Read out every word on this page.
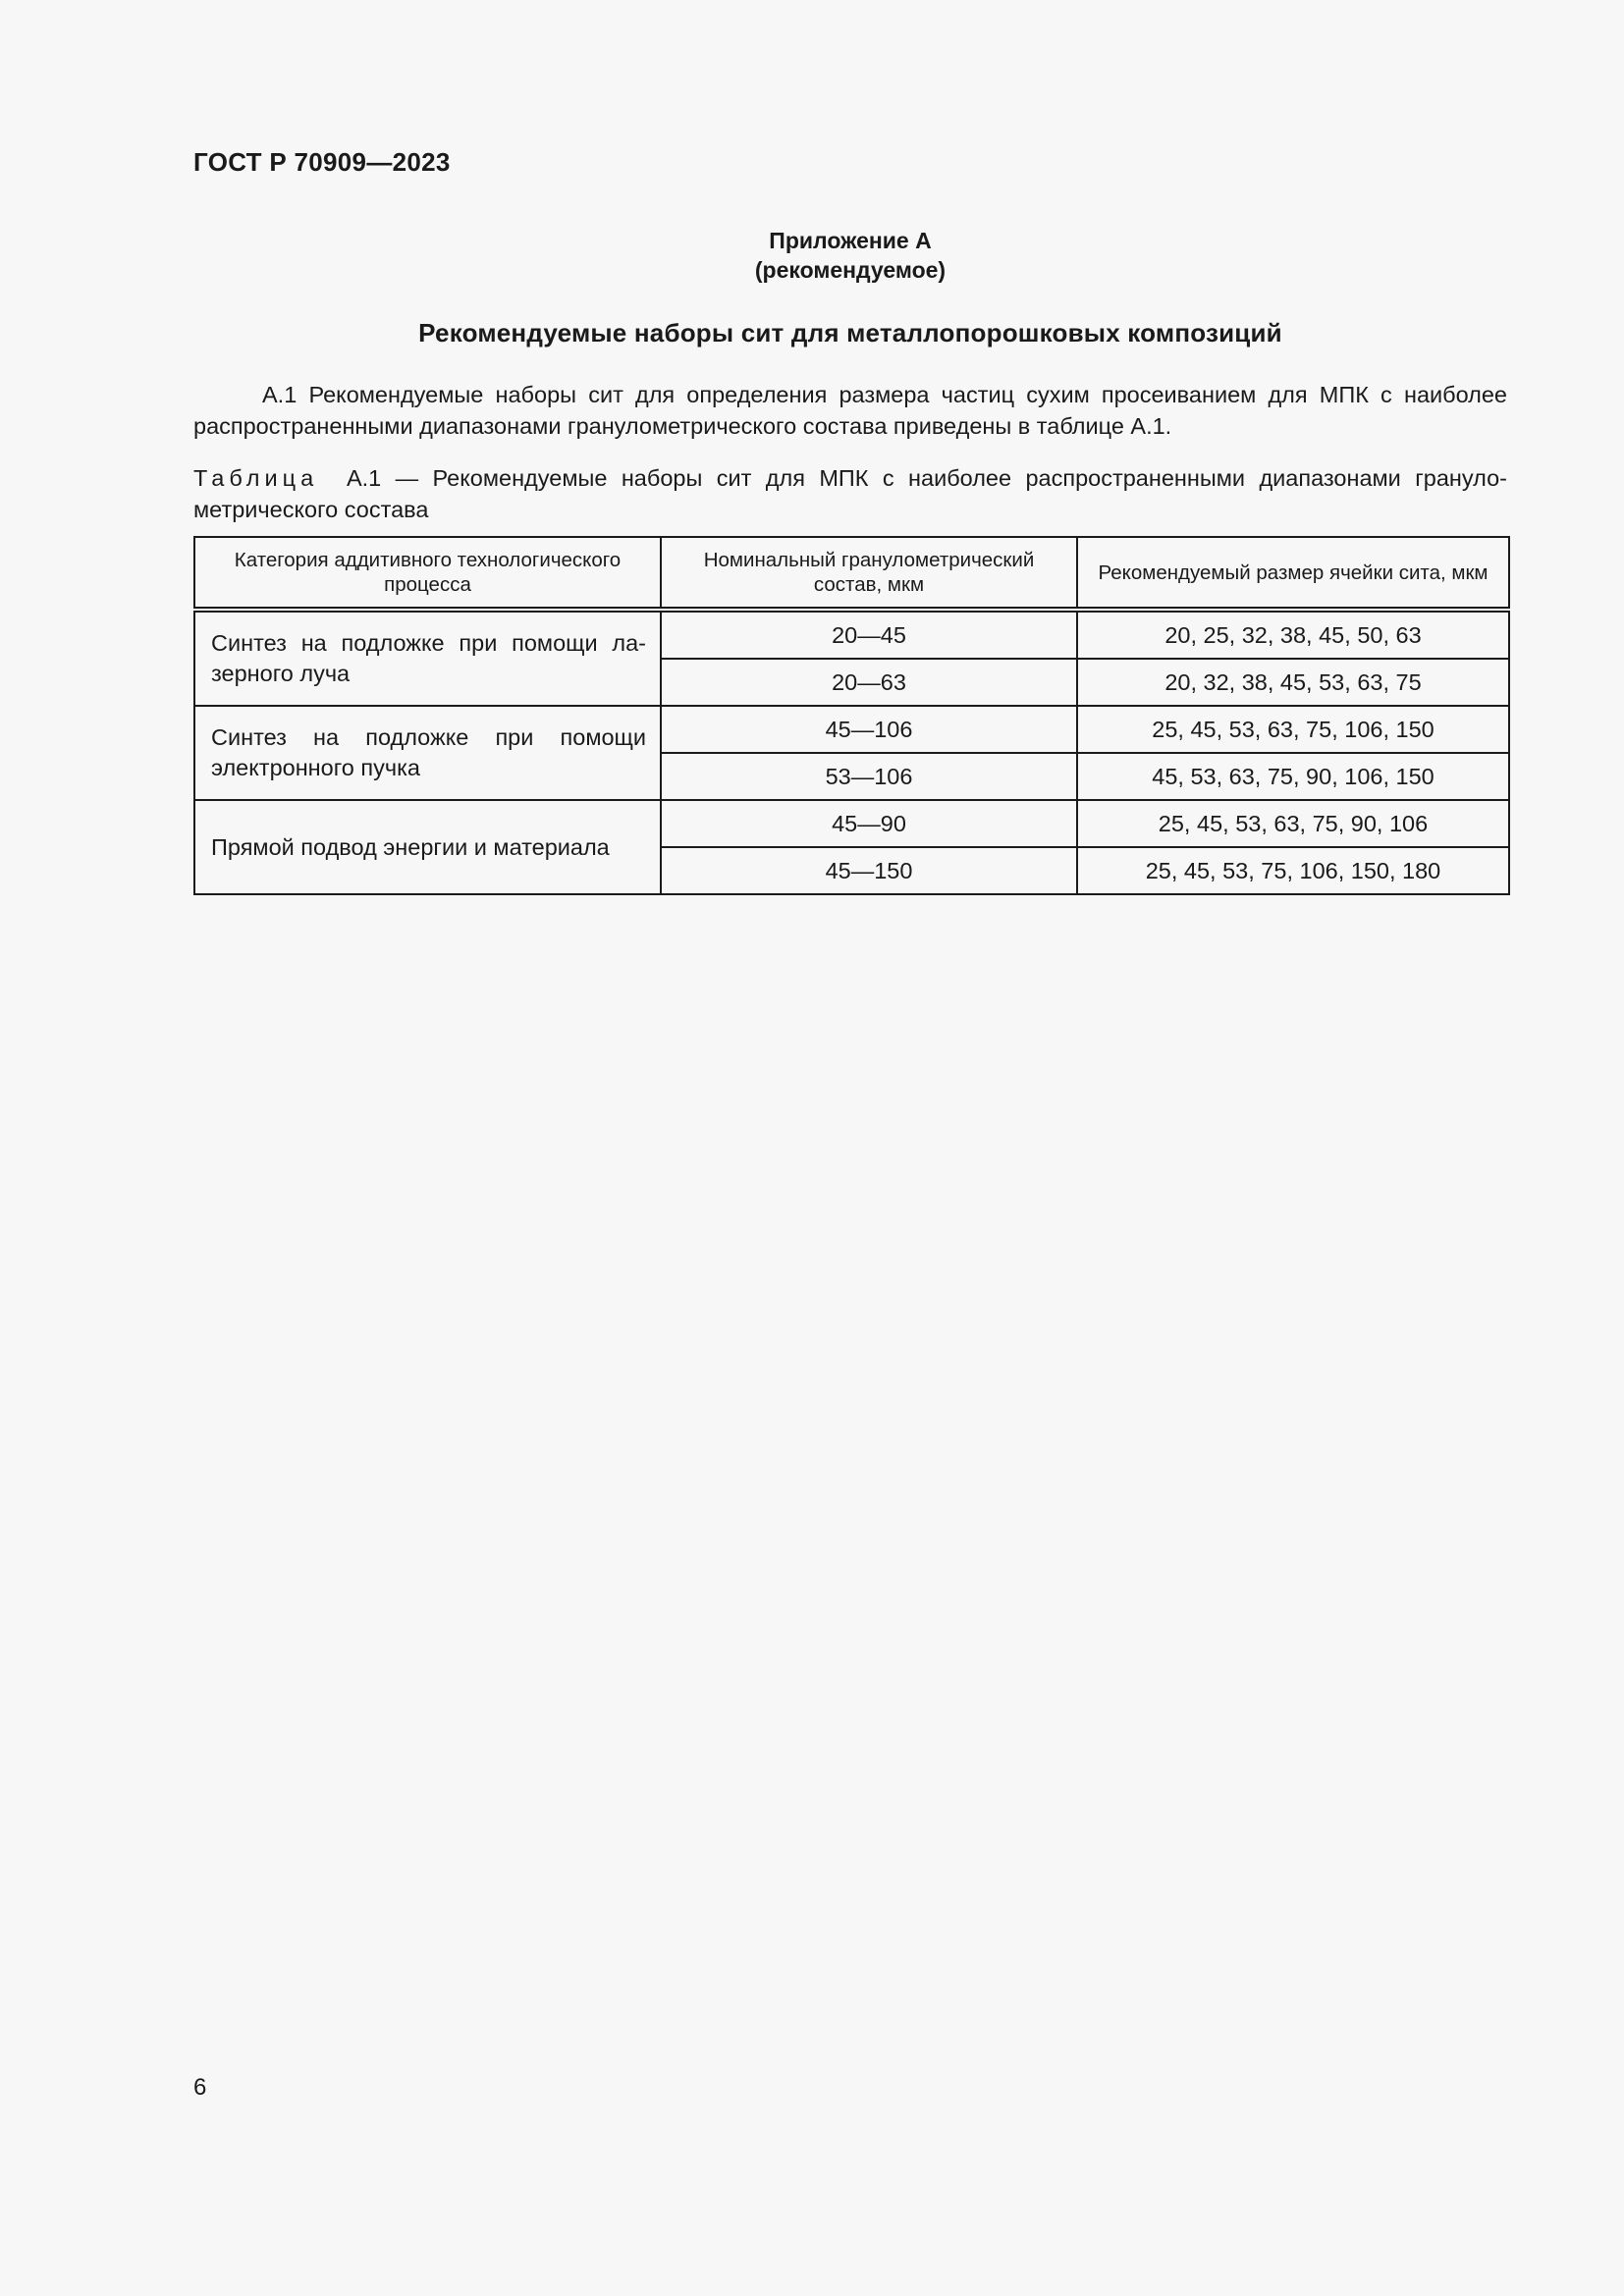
ГОСТ Р 70909—2023
Приложение А
(рекомендуемое)
Рекомендуемые наборы сит для металлопорошковых композиций
А.1 Рекомендуемые наборы сит для определения размера частиц сухим просеиванием для МПК с наиболее распространенными диапазонами гранулометрического состава приведены в таблице А.1.
Таблица А.1 — Рекомендуемые наборы сит для МПК с наиболее распространенными диапазонами гранулометрического состава
Категория аддитивного технологического процесса	Номинальный гранулометрический состав, мкм	Рекомендуемый размер ячейки сита, мкм
Синтез на подложке при помощи лазерного луча	20—45	20, 25, 32, 38, 45, 50, 63
	20—63	20, 32, 38, 45, 53, 63, 75
Синтез на подложке при помощи электронного пучка	45—106	25, 45, 53, 63, 75, 106, 150
	53—106	45, 53, 63, 75, 90, 106, 150
Прямой подвод энергии и материала	45—90	25, 45, 53, 63, 75, 90, 106
	45—150	25, 45, 53, 75, 106, 150, 180
6
